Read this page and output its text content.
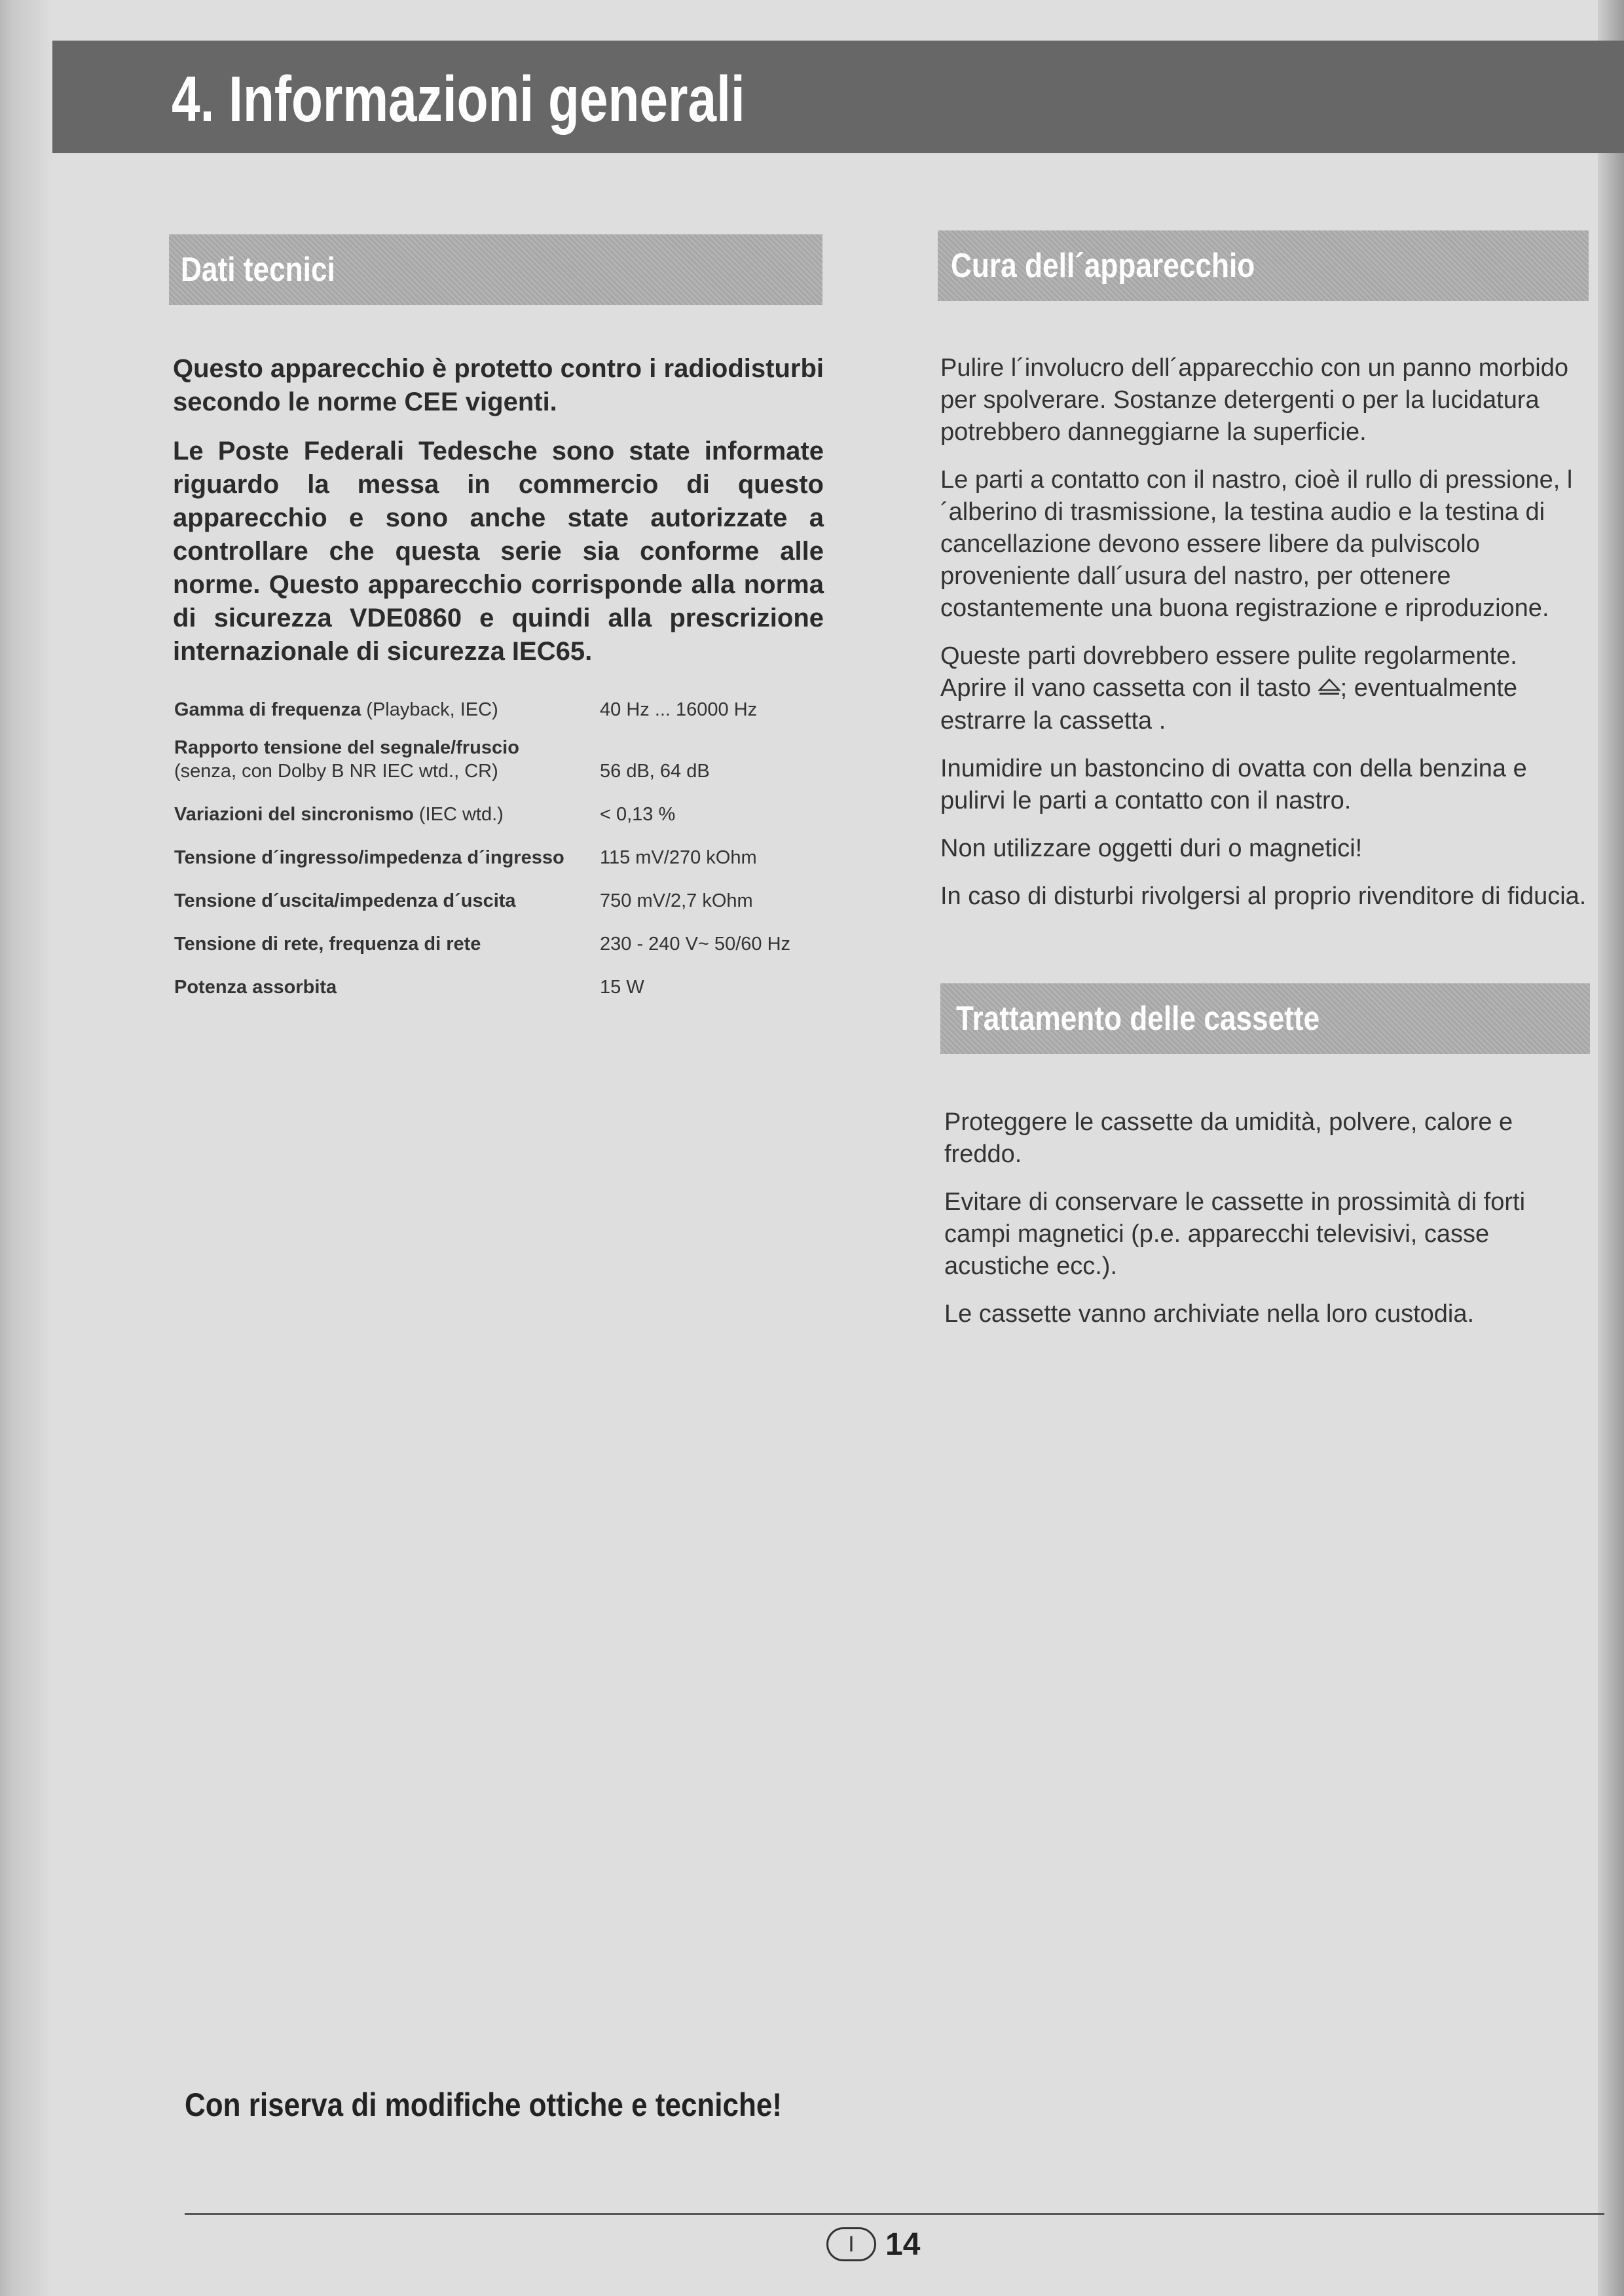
4. Informazioni generali
Dati tecnici

Questo apparecchio è protetto contro i radiodisturbi secondo le norme CEE vigenti.

Le Poste Federali Tedesche sono state informate riguardo la messa in commercio di questo apparecchio e sono anche state autorizzate a controllare che questa serie sia conforme alle norme. Questo apparecchio corrisponde alla norma di sicurezza VDE0860 e quindi alla prescrizione internazionale di sicurezza IEC65.

Gamma di frequenza (Playback, IEC)	40 Hz ... 16000 Hz
Rapporto tensione del segnale/fruscio
(senza, con Dolby B NR IEC wtd., CR)	56 dB, 64 dB
Variazioni del sincronismo (IEC wtd.)	< 0,13 %
Tensione d´ingresso/impedenza d´ingresso	115 mV/270 kOhm
Tensione d´uscita/impedenza d´uscita	750 mV/2,7 kOhm
Tensione di rete, frequenza di rete	230 - 240 V~ 50/60 Hz
Potenza assorbita	15 W
Cura dell´apparecchio

Pulire l´involucro dell´apparecchio con un panno morbido per spolverare. Sostanze detergenti o per la lucidatura potrebbero danneggiarne la superficie.

Le parti a contatto con il nastro, cioè il rullo di pressione, l´alberino di trasmissione, la testina audio e la testina di cancellazione devono essere libere da pulviscolo proveniente dall´usura del nastro, per ottenere costantemente una buona registrazione e riproduzione.

Queste parti dovrebbero essere pulite regolarmente.
Aprire il vano cassetta con il tasto ; eventualmente estrarre la cassetta .

Inumidire un bastoncino di ovatta con della benzina e pulirvi le parti a contatto con il nastro.

Non utilizzare oggetti duri o magnetici!

In caso di disturbi rivolgersi al proprio rivenditore di fiducia.

Trattamento delle cassette

Proteggere le cassette da umidità, polvere, calore e freddo.

Evitare di conservare le cassette in prossimità di forti campi magnetici (p.e. apparecchi televisivi, casse acustiche ecc.).

Le cassette vanno archiviate nella loro custodia.

Con riserva di modifiche ottiche e tecniche!
I 14
